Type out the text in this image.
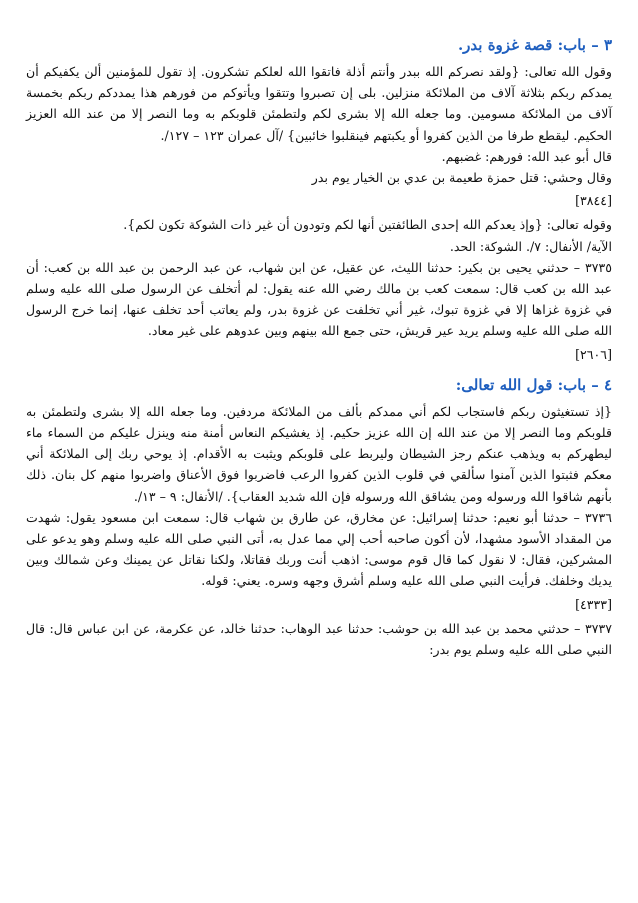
٣ – باب: قصة غزوة بدر.

وقول الله تعالى: {ولقد نصركم الله ببدر وأنتم أذلة فاتقوا الله لعلكم تشكرون. إذ تقول للمؤمنين ألن يكفيكم أن يمدكم ربكم بثلاثة آلاف من الملائكة منزلين. بلى إن تصبروا وتتقوا ويأتوكم من فورهم هذا يمددكم ربكم بخمسة آلاف من الملائكة مسومين. وما جعله الله إلا بشرى لكم ولتطمئن قلوبكم به وما النصر إلا من عند الله العزيز الحكيم. ليقطع طرفا من الذين كفروا أو يكبتهم فينقلبوا خائبين} /آل عمران ١٢٣ – ١٢٧/.

قال أبو عبد الله: فورهم: غضبهم.

وقال وحشي: قتل حمزة طعيمة بن عدي بن الخيار يوم بدر

[٣٨٤٤]

وقوله تعالى: {وإذ يعدكم الله إحدى الطائفتين أنها لكم وتودون أن غير ذات الشوكة تكون لكم}.

الآية/ الأنفال: ٧/. الشوكة: الحد.

٣٧٣٥ – حدثني يحيى بن بكير: حدثنا الليث، عن عقيل، عن ابن شهاب، عن عبد الرحمن بن عبد الله بن كعب: أن عبد الله بن كعب قال: سمعت كعب بن مالك رضي الله عنه يقول: لم أتخلف عن الرسول صلى الله عليه وسلم في غزوة غزاها إلا في غزوة تبوك، غير أني تخلفت عن غزوة بدر، ولم يعاتب أحد تخلف عنها، إنما خرج الرسول الله صلى الله عليه وسلم يريد عير قريش، حتى جمع الله بينهم وبين عدوهم على غير معاد.

[٢٦٠٦]
٤ – باب: قول الله تعالى:

{إذ تستغيثون ربكم فاستجاب لكم أني ممدكم بألف من الملائكة مردفين. وما جعله الله إلا بشرى ولتطمئن به قلوبكم وما النصر إلا من عند الله إن الله عزيز حكيم. إذ يغشيكم النعاس أمنة منه وينزل عليكم من السماء ماء ليطهركم به ويذهب عنكم رجز الشيطان وليربط على قلوبكم ويثبت به الأقدام. إذ يوحي ربك إلى الملائكة أني معكم فثبتوا الذين آمنوا سألقي في قلوب الذين كفروا الرعب فاضربوا فوق الأعناق واضربوا منهم كل بنان. ذلك بأنهم شاقوا الله ورسوله ومن يشاقق الله ورسوله فإن الله شديد العقاب}. /الأنفال: ٩ – ١٣/.

٣٧٣٦ – حدثنا أبو نعيم: حدثنا إسرائيل: عن مخارق، عن طارق بن شهاب قال: سمعت ابن مسعود يقول: شهدت من المقداد الأسود مشهدا، لأن أكون صاحبه أحب إلي مما عدل به، أتى النبي صلى الله عليه وسلم وهو يدعو على المشركين، فقال: لا نقول كما قال قوم موسى: اذهب أنت وربك فقاتلا، ولكنا نقاتل عن يمينك وعن شمالك وبين يديك وخلفك. فرأيت النبي صلى الله عليه وسلم أشرق وجهه وسره. يعني: قوله.

[٤٣٣٣]

٣٧٣٧ – حدثني محمد بن عبد الله بن حوشب: حدثنا عبد الوهاب: حدثنا خالد، عن عكرمة، عن ابن عباس قال: قال النبي صلى الله عليه وسلم يوم بدر:
